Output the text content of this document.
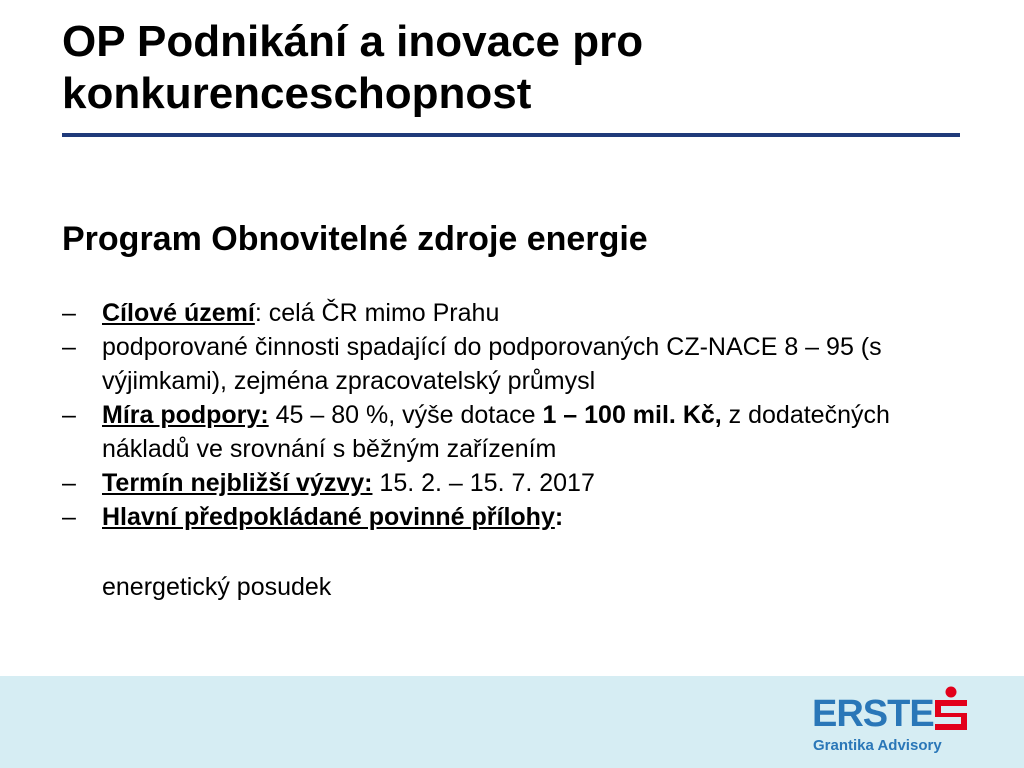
OP Podnikání a inovace pro konkurenceschopnost
Program Obnovitelné zdroje energie
– Cílové území: celá ČR mimo Prahu
– podporované činnosti spadající do podporovaných CZ-NACE 8 – 95 (s výjimkami), zejména zpracovatelský průmysl
– Míra podpory: 45 – 80 %, výše dotace 1 – 100 mil. Kč, z dodatečných nákladů ve srovnání s běžným zařízením
– Termín nejbližší výzvy: 15. 2. – 15. 7. 2017
– Hlavní předpokládané povinné přílohy:

energetický posudek

ERSTE
Grantika Advisory
